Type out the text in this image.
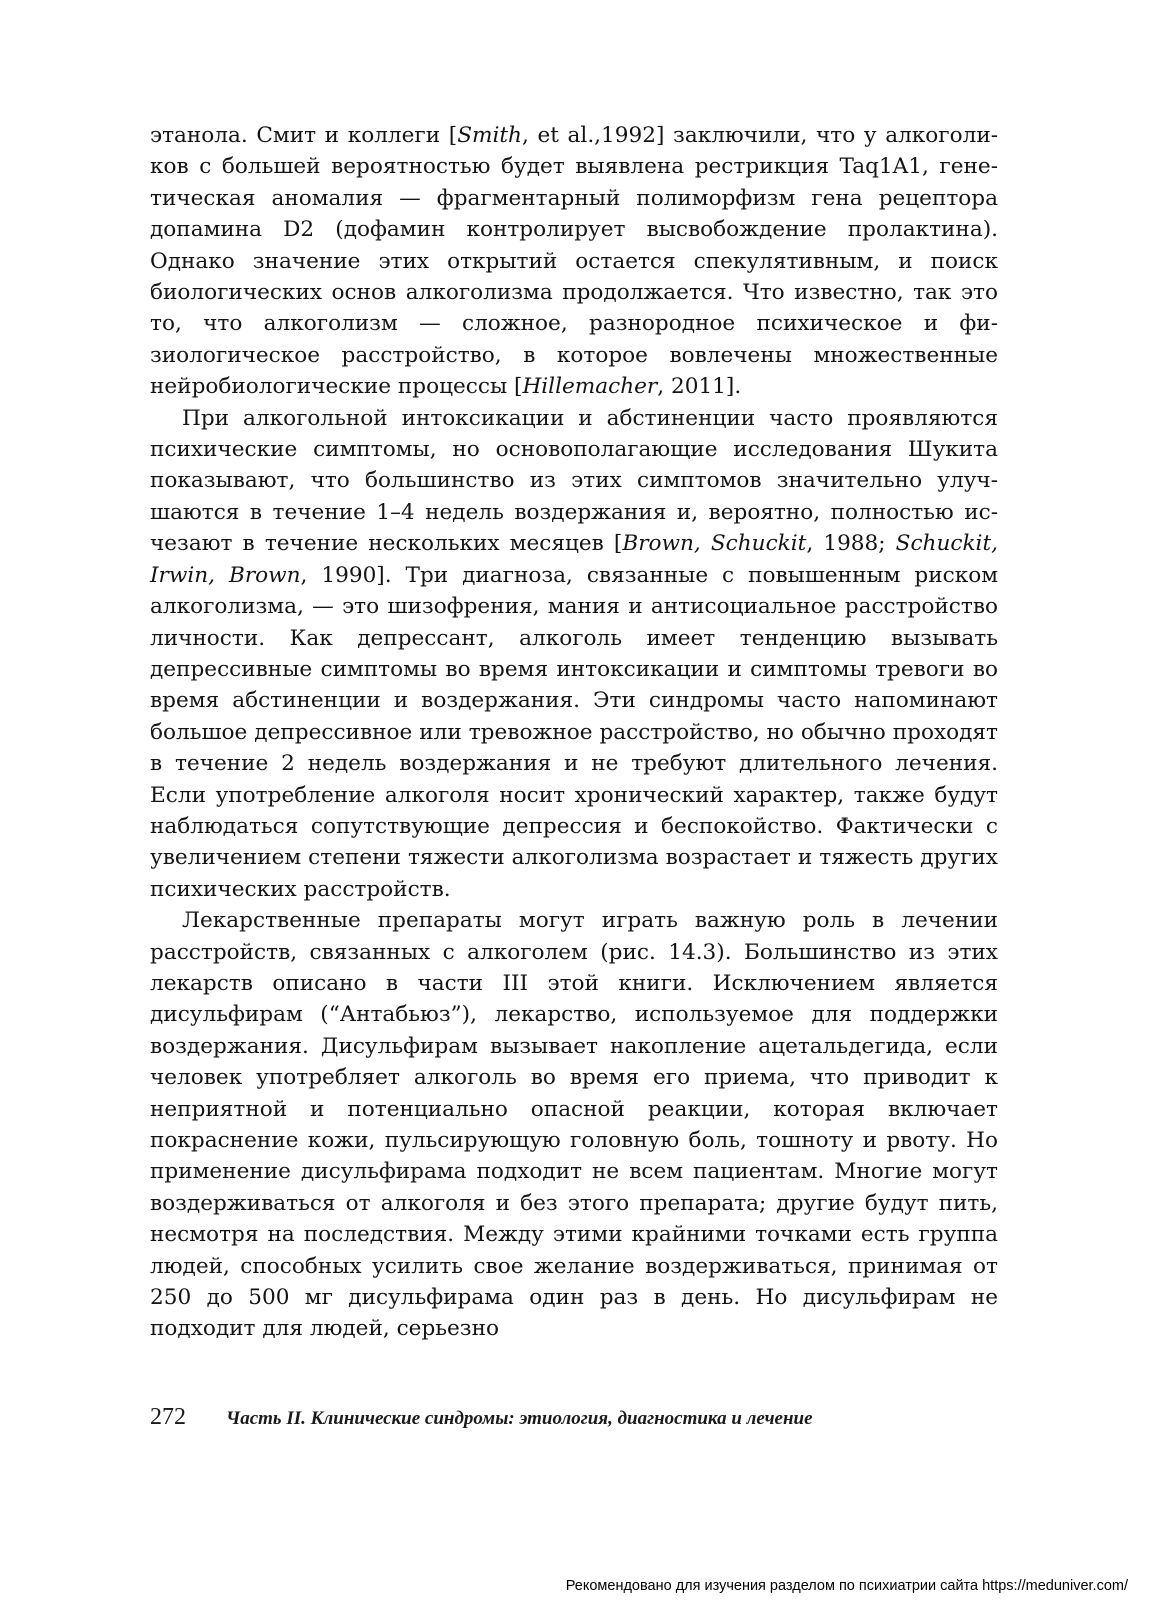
этанола. Смит и коллеги [Smith, et al.,1992] заключили, что у алкоголиков с большей вероятностью будет выявлена рестрикция Taq1A1, генетическая аномалия — фрагментарный полиморфизм гена рецептора допамина D2 (дофамин контролирует высвобождение пролактина). Однако значение этих открытий остается спекулятивным, и поиск биологических основ алкоголизма продолжается. Что известно, так это то, что алкоголизм — сложное, разнородное психическое и физиологическое расстройство, в которое вовлечены множественные нейробиологические процессы [Hillemacher, 2011].

При алкогольной интоксикации и абстиненции часто проявляются психические симптомы, но основополагающие исследования Шукита показывают, что большинство из этих симптомов значительно улучшаются в течение 1–4 недель воздержания и, вероятно, полностью исчезают в течение нескольких месяцев [Brown, Schuckit, 1988; Schuckit, Irwin, Brown, 1990]. Три диагноза, связанные с повышенным риском алкоголизма, — это шизофрения, мания и антисоциальное расстройство личности. Как депрессант, алкоголь имеет тенденцию вызывать депрессивные симптомы во время интоксикации и симптомы тревоги во время абстиненции и воздержания. Эти синдромы часто напоминают большое депрессивное или тревожное расстройство, но обычно проходят в течение 2 недель воздержания и не требуют длительного лечения. Если употребление алкоголя носит хронический характер, также будут наблюдаться сопутствующие депрессия и беспокойство. Фактически с увеличением степени тяжести алкоголизма возрастает и тяжесть других психических расстройств.

Лекарственные препараты могут играть важную роль в лечении расстройств, связанных с алкоголем (рис. 14.3). Большинство из этих лекарств описано в части III этой книги. Исключением является дисульфирам (“Антабьюз”), лекарство, используемое для поддержки воздержания. Дисульфирам вызывает накопление ацетальдегида, если человек употребляет алкоголь во время его приема, что приводит к неприятной и потенциально опасной реакции, которая включает покраснение кожи, пульсирующую головную боль, тошноту и рвоту. Но применение дисульфирама подходит не всем пациентам. Многие могут воздерживаться от алкоголя и без этого препарата; другие будут пить, несмотря на последствия. Между этими крайними точками есть группа людей, способных усилить свое желание воздерживаться, принимая от 250 до 500 мг дисульфирама один раз в день. Но дисульфирам не подходит для людей, серьезно

272 Часть II. Клинические синдромы: этиология, диагностика и лечение
Рекомендовано для изучения разделом по психиатрии сайта https://meduniver.com/
